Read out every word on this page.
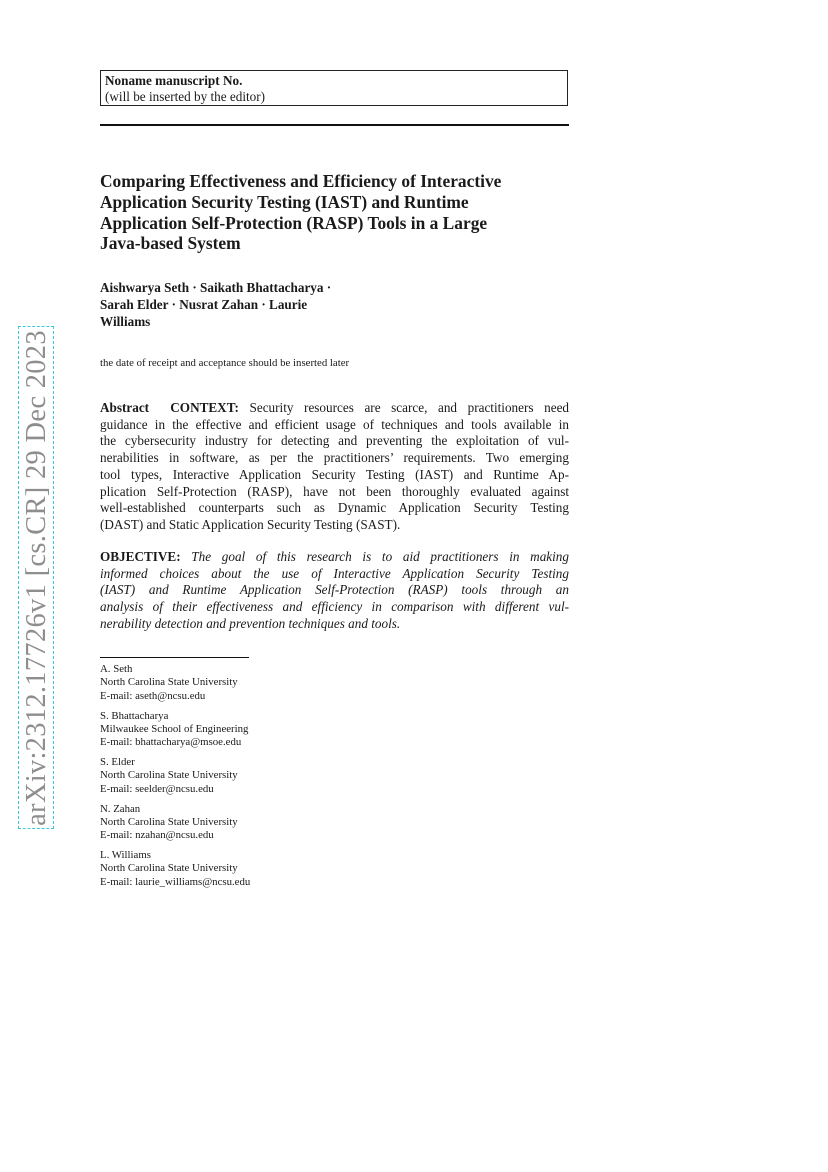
Noname manuscript No.
(will be inserted by the editor)
Comparing Effectiveness and Efficiency of Interactive
Application Security Testing (IAST) and Runtime
Application Self-Protection (RASP) Tools in a Large
Java-based System
Aishwarya Seth · Saikath Bhattacharya ·
Sarah Elder · Nusrat Zahan · Laurie
Williams
the date of receipt and acceptance should be inserted later
Abstract CONTEXT: Security resources are scarce, and practitioners need
guidance in the effective and efficient usage of techniques and tools available in
the cybersecurity industry for detecting and preventing the exploitation of vul-
nerabilities in software, as per the practitioners’ requirements. Two emerging
tool types, Interactive Application Security Testing (IAST) and Runtime Ap-
plication Self-Protection (RASP), have not been thoroughly evaluated against
well-established counterparts such as Dynamic Application Security Testing
(DAST) and Static Application Security Testing (SAST).
OBJECTIVE: The goal of this research is to aid practitioners in making
informed choices about the use of Interactive Application Security Testing
(IAST) and Runtime Application Self-Protection (RASP) tools through an
analysis of their effectiveness and efficiency in comparison with different vul-
nerability detection and prevention techniques and tools.
A. Seth
North Carolina State University
E-mail: aseth@ncsu.edu
S. Bhattacharya
Milwaukee School of Engineering
E-mail: bhattacharya@msoe.edu
S. Elder
North Carolina State University
E-mail: seelder@ncsu.edu
N. Zahan
North Carolina State University
E-mail: nzahan@ncsu.edu
L. Williams
North Carolina State University
E-mail: laurie_williams@ncsu.edu
arXiv:2312.17726v1 [cs.CR] 29 Dec 2023
